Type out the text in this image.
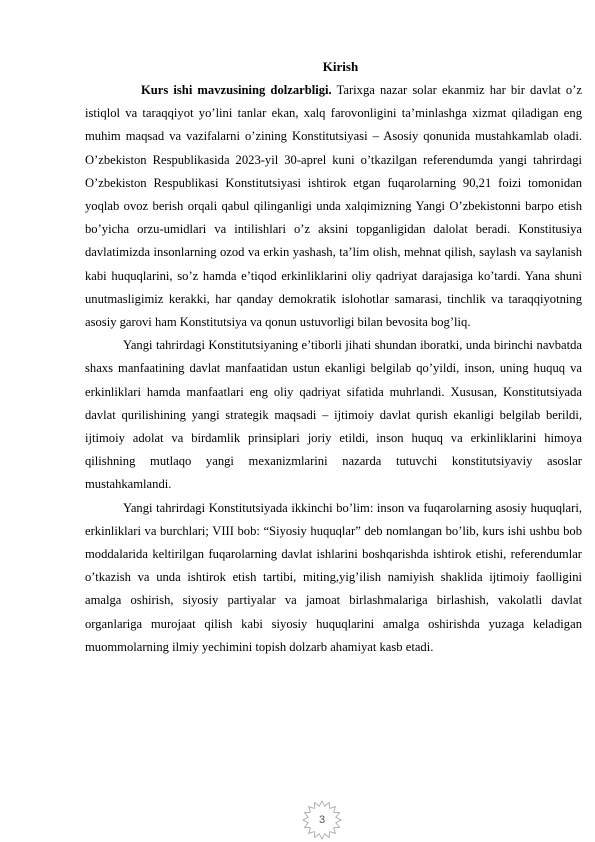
Kirish

Kurs ishi mavzusining dolzarbligi. Tarixga nazar solar ekanmiz har bir davlat o’z istiqlol va taraqqiyot yo’lini tanlar ekan, xalq farovonligini ta’minlashga xizmat qiladigan eng muhim maqsad va vazifalarni o’zining Konstitutsiyasi – Asosiy qonunida mustahkamlab oladi. O’zbekiston Respublikasida 2023-yil 30-aprel kuni o’tkazilgan referendumda yangi tahrirdagi O’zbekiston Respublikasi Konstitutsiyasi ishtirok etgan fuqarolarning 90,21 foizi tomonidan yoqlab ovoz berish orqali qabul qilinganligi unda xalqimizning Yangi O’zbekistonni barpo etish bo’yicha orzu-umidlari va intilishlari o’z aksini topganligidan dalolat beradi. Konstitusiya davlatimizda insonlarning ozod va erkin yashash, ta’lim olish, mehnat qilish, saylash va saylanish kabi huquqlarini, so’z hamda e’tiqod erkinliklarini oliy qadriyat darajasiga ko’tardi. Yana shuni unutmasligimiz kerakki, har qanday demokratik islohotlar samarasi, tinchlik va taraqqiyotning asosiy garovi ham Konstitutsiya va qonun ustuvorligi bilan bevosita bog’liq.

Yangi tahrirdagi Konstitutsiyaning e’tiborli jihati shundan iboratki, unda birinchi navbatda shaxs manfaatining davlat manfaatidan ustun ekanligi belgilab qo’yildi, inson, uning huquq va erkinliklari hamda manfaatlari eng oliy qadriyat sifatida muhrlandi. Xususan, Konstitutsiyada davlat qurilishining yangi strategik maqsadi – ijtimoiy davlat qurish ekanligi belgilab berildi, ijtimoiy adolat va birdamlik prinsiplari joriy etildi, inson huquq va erkinliklarini himoya qilishning mutlaqo yangi mexanizmlarini nazarda tutuvchi konstitutsiyaviy asoslar mustahkamlandi.

Yangi tahrirdagi Konstitutsiyada ikkinchi bo’lim: inson va fuqarolarning asosiy huquqlari, erkinliklari va burchlari; VIII bob: “Siyosiy huquqlar” deb nomlangan bo’lib, kurs ishi ushbu bob moddalarida keltirilgan fuqarolarning davlat ishlarini boshqarishda ishtirok etishi, referendumlar o’tkazish va unda ishtirok etish tartibi, miting,yig’ilish namiyish shaklida ijtimoiy faolligini amalga oshirish, siyosiy partiyalar va jamoat birlashmalariga birlashish, vakolatli davlat organlariga murojaat qilish kabi siyosiy huquqlarini amalga oshirishda yuzaga keladigan muommolarning ilmiy yechimini topish dolzarb ahamiyat kasb etadi.

3
